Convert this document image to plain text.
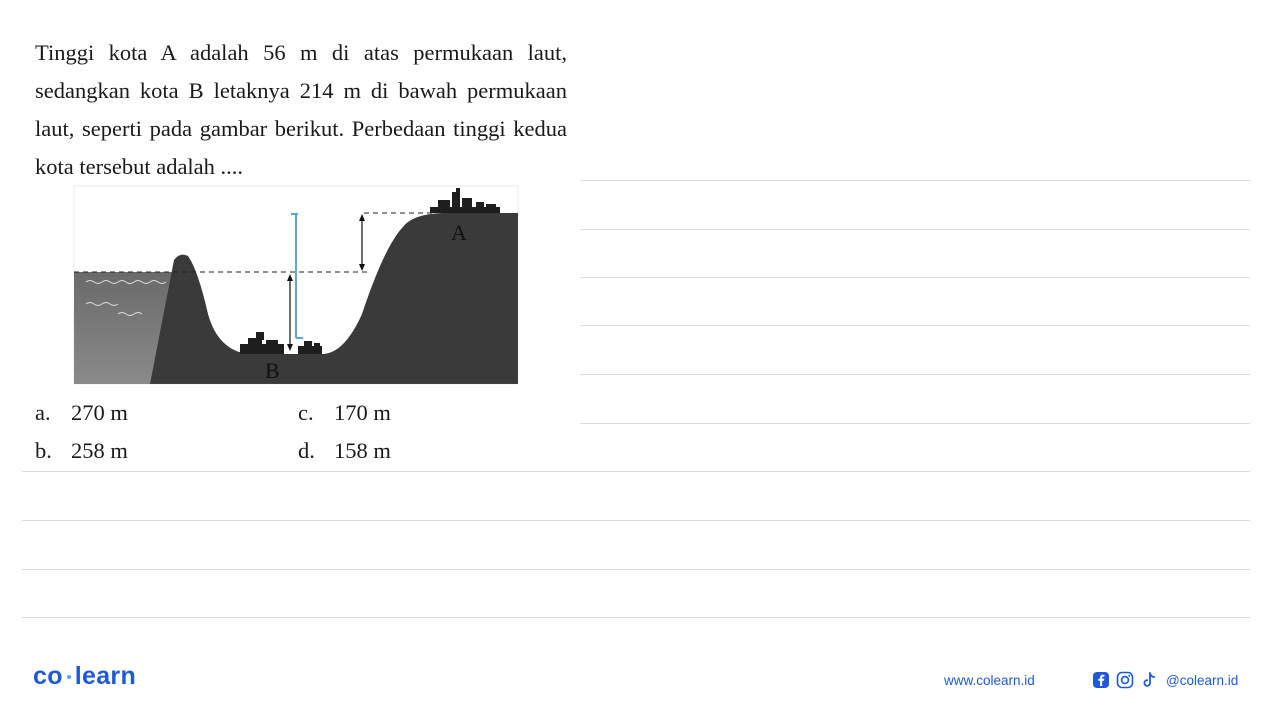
Tinggi kota A adalah 56 m di atas permukaan laut, sedangkan kota B letaknya 214 m di bawah permukaan laut, seperti pada gambar berikut. Perbedaan tinggi kedua kota tersebut adalah ....

A
B
a. 270 m
b. 258 m
c. 170 m
d. 158 m
co learn	www.colearn.id	@colearn.id
